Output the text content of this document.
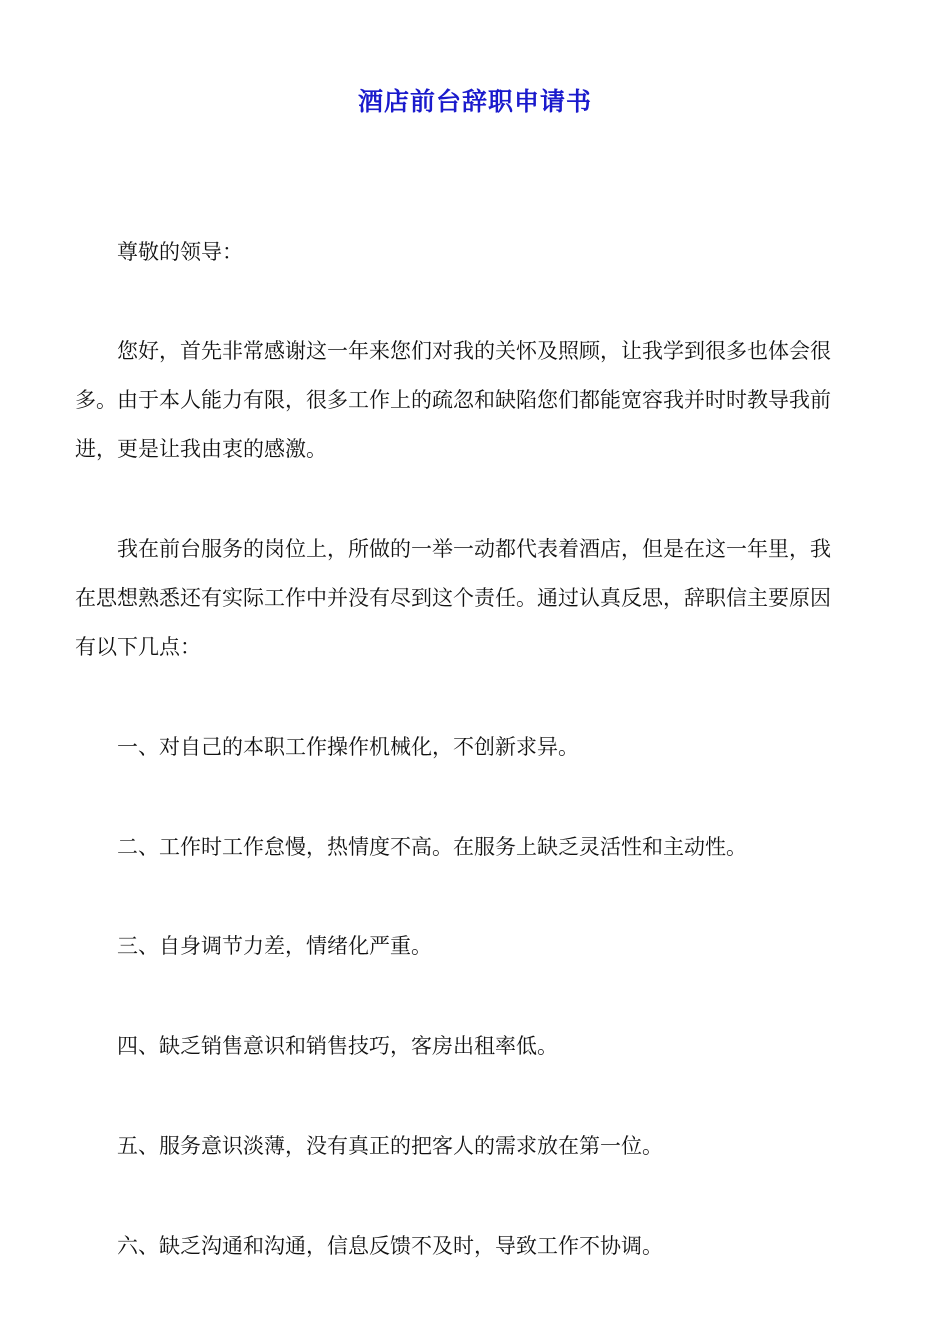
酒店前台辞职申请书

尊敬的领导：

您好，首先非常感谢这一年来您们对我的关怀及照顾，让我学到很多也体会很
多。由于本人能力有限，很多工作上的疏忽和缺陷您们都能宽容我并时时教导我前
进，更是让我由衷的感激。
我在前台服务的岗位上，所做的一举一动都代表着酒店，但是在这一年里，我
在思想熟悉还有实际工作中并没有尽到这个责任。通过认真反思，辞职信主要原因
有以下几点：

一、对自己的本职工作操作机械化，不创新求异。

二、工作时工作怠慢，热情度不高。在服务上缺乏灵活性和主动性。

三、自身调节力差，情绪化严重。

四、缺乏销售意识和销售技巧，客房出租率低。

五、服务意识淡薄，没有真正的把客人的需求放在第一位。

六、缺乏沟通和沟通，信息反馈不及时，导致工作不协调。
